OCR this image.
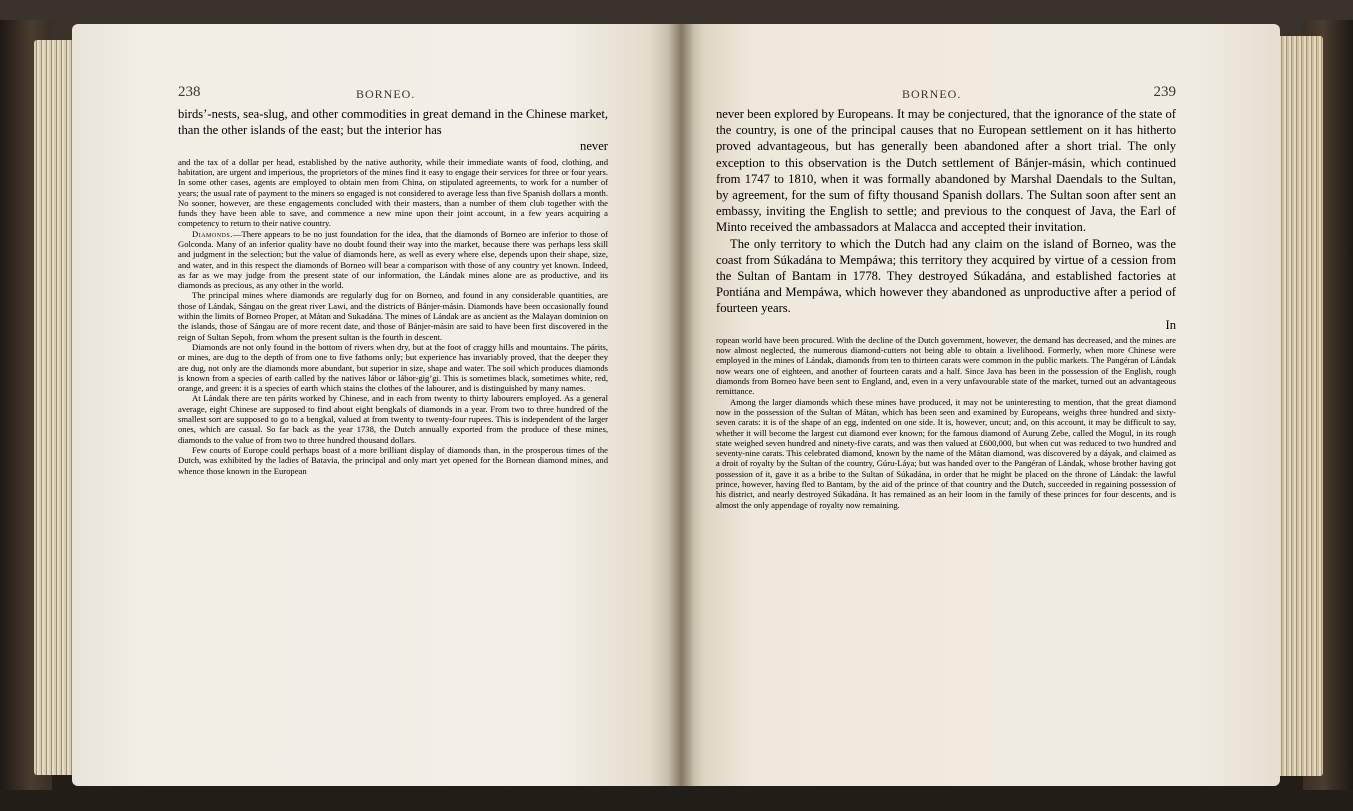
238	BORNEO.

birds’-nests, sea-slug, and other commodities in great demand in the Chinese market, than the other islands of the east; but the interior has

never

and the tax of a dollar per head, established by the native authority, while their immediate wants of food, clothing, and habitation, are urgent and imperious, the proprietors of the mines find it easy to engage their services for three or four years. In some other cases, agents are employed to obtain men from China, on stipulated agreements, to work for a number of years; the usual rate of payment to the miners so engaged is not considered to average less than five Spanish dollars a month. No sooner, however, are these engagements concluded with their masters, than a number of them club together with the funds they have been able to save, and commence a new mine upon their joint account, in a few years acquiring a competency to return to their native country.

Diamonds.—There appears to be no just foundation for the idea, that the diamonds of Borneo are inferior to those of Golconda. Many of an inferior quality have no doubt found their way into the market, because there was perhaps less skill and judgment in the selection; but the value of diamonds here, as well as every where else, depends upon their shape, size, and water, and in this respect the diamonds of Borneo will bear a comparison with those of any country yet known. Indeed, as far as we may judge from the present state of our information, the Lándak mines alone are as productive, and its diamonds as precious, as any other in the world.

The principal mines where diamonds are regularly dug for on Borneo, and found in any considerable quantities, are those of Lándak, Sángau on the great river Lawi, and the districts of Bánjer-másin. Diamonds have been occasionally found within the limits of Borneo Proper, at Mátan and Sukadána. The mines of Lándak are as ancient as the Malayan dominion on the islands, those of Sángau are of more recent date, and those of Bánjer-másin are said to have been first discovered in the reign of Sultan Sepoh, from whom the present sultan is the fourth in descent.

Diamonds are not only found in the bottom of rivers when dry, but at the foot of craggy hills and mountains. The párits, or mines, are dug to the depth of from one to five fathoms only; but experience has invariably proved, that the deeper they are dug, not only are the diamonds more abundant, but superior in size, shape and water. The soil which produces diamonds is known from a species of earth called by the natives lábor or lábor-gig’gi. This is sometimes black, sometimes white, red, orange, and green: it is a species of earth which stains the clothes of the labourer, and is distinguished by many names.

At Lándak there are ten párits worked by Chinese, and in each from twenty to thirty labourers employed. As a general average, eight Chinese are supposed to find about eight bengkals of diamonds in a year. From two to three hundred of the smallest sort are supposed to go to a bengkal, valued at from twenty to twenty-four rupees. This is independent of the larger ones, which are casual. So far back as the year 1738, the Dutch annually exported from the produce of these mines, diamonds to the value of from two to three hundred thousand dollars.

Few courts of Europe could perhaps boast of a more brilliant display of diamonds than, in the prosperous times of the Dutch, was exhibited by the ladies of Batavia, the principal and only mart yet opened for the Bornean diamond mines, and whence those known in the European

BORNEO.	239

never been explored by Europeans. It may be conjectured, that the ignorance of the state of the country, is one of the principal causes that no European settlement on it has hitherto proved advantageous, but has generally been abandoned after a short trial. The only exception to this observation is the Dutch settlement of Bánjer-másin, which continued from 1747 to 1810, when it was formally abandoned by Marshal Daendals to the Sultan, by agreement, for the sum of fifty thousand Spanish dollars. The Sultan soon after sent an embassy, inviting the English to settle; and previous to the conquest of Java, the Earl of Minto received the ambassadors at Malacca and accepted their invitation.

The only territory to which the Dutch had any claim on the island of Borneo, was the coast from Súkadána to Mempáwa; this territory they acquired by virtue of a cession from the Sultan of Bantam in 1778. They destroyed Súkadána, and established factories at Pontiána and Mempáwa, which however they abandoned as unproductive after a period of fourteen years.

In

ropean world have been procured. With the decline of the Dutch government, however, the demand has decreased, and the mines are now almost neglected, the numerous diamond-cutters not being able to obtain a livelihood. Formerly, when more Chinese were employed in the mines of Lándak, diamonds from ten to thirteen carats were common in the public markets. The Pangéran of Lándak now wears one of eighteen, and another of fourteen carats and a half. Since Java has been in the possession of the English, rough diamonds from Borneo have been sent to England, and, even in a very unfavourable state of the market, turned out an advantageous remittance.

Among the larger diamonds which these mines have produced, it may not be uninteresting to mention, that the great diamond now in the possession of the Sultan of Mátan, which has been seen and examined by Europeans, weighs three hundred and sixty-seven carats: it is of the shape of an egg, indented on one side. It is, however, uncut; and, on this account, it may be difficult to say, whether it will become the largest cut diamond ever known; for the famous diamond of Aurung Zebe, called the Mogul, in its rough state weighed seven hundred and ninety-five carats, and was then valued at £600,000, but when cut was reduced to two hundred and seventy-nine carats. This celebrated diamond, known by the name of the Mátan diamond, was discovered by a dáyak, and claimed as a droit of royalty by the Sultan of the country, Gúru-Láya; but was handed over to the Pangéran of Lándak, whose brother having got possession of it, gave it as a bribe to the Sultan of Súkadána, in order that he might be placed on the throne of Lándak: the lawful prince, however, having fled to Bantam, by the aid of the prince of that country and the Dutch, succeeded in regaining possession of his district, and nearly destroyed Súkadána. It has remained as an heir loom in the family of these princes for four descents, and is almost the only appendage of royalty now remaining.
